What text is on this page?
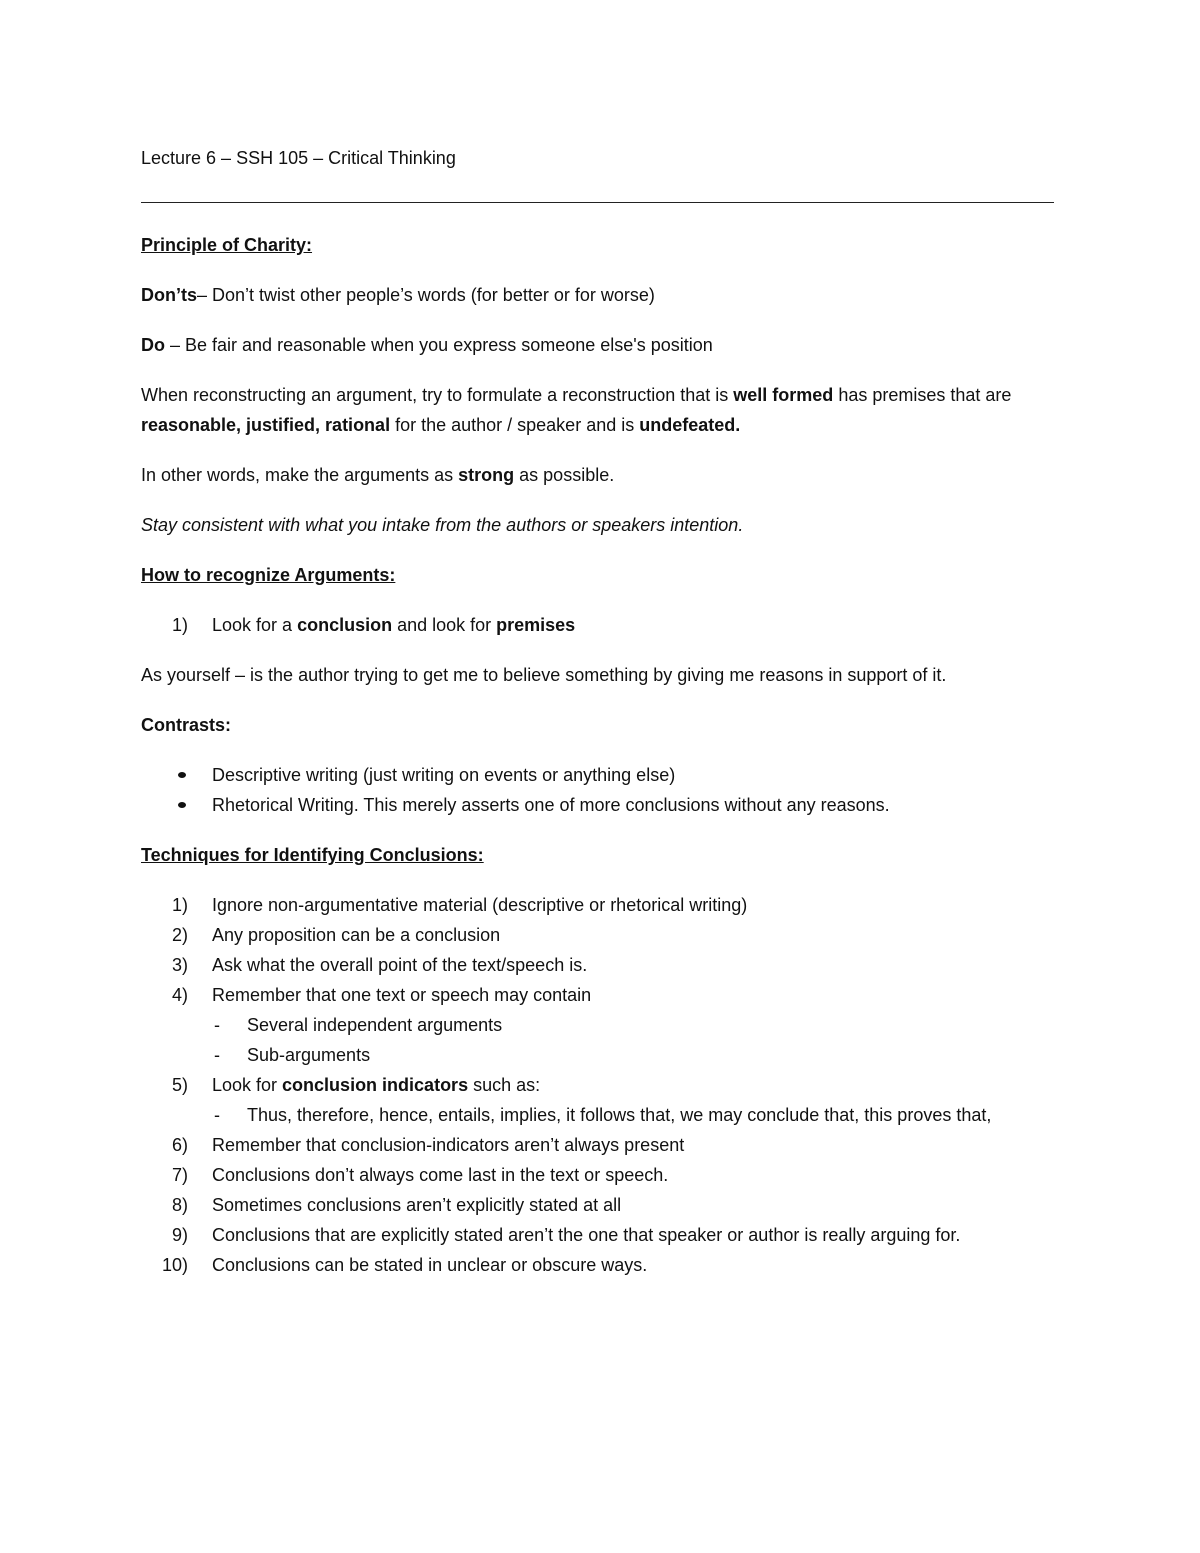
Lecture 6 – SSH 105 – Critical Thinking
Principle of Charity:
Don’ts– Don’t twist other people’s words (for better or for worse)
Do – Be fair and reasonable when you express someone else's position
When reconstructing an argument, try to formulate a reconstruction that is well formed has premises that are reasonable, justified, rational for the author / speaker and is undefeated.
In other words, make the arguments as strong as possible.
Stay consistent with what you intake from the authors or speakers intention.
How to recognize Arguments:
1)	Look for a conclusion and look for premises
As yourself – is the author trying to get me to believe something by giving me reasons in support of it.
Contrasts:
Descriptive writing (just writing on events or anything else)
Rhetorical Writing. This merely asserts one of more conclusions without any reasons.
Techniques for Identifying Conclusions:
1)	Ignore non-argumentative material (descriptive or rhetorical writing)
2)	Any proposition can be a conclusion
3)	Ask what the overall point of the text/speech is.
4)	Remember that one text or speech may contain
-
Several independent arguments
-
Sub-arguments
5)	Look for conclusion indicators such as:
-
Thus, therefore, hence, entails, implies, it follows that, we may conclude that, this proves that,
6)	Remember that conclusion-indicators aren’t always present
7)	Conclusions don’t always come last in the text or speech.
8)	Sometimes conclusions aren’t explicitly stated at all
9)	Conclusions that are explicitly stated aren’t the one that speaker or author is really arguing for.
10)	Conclusions can be stated in unclear or obscure ways.
